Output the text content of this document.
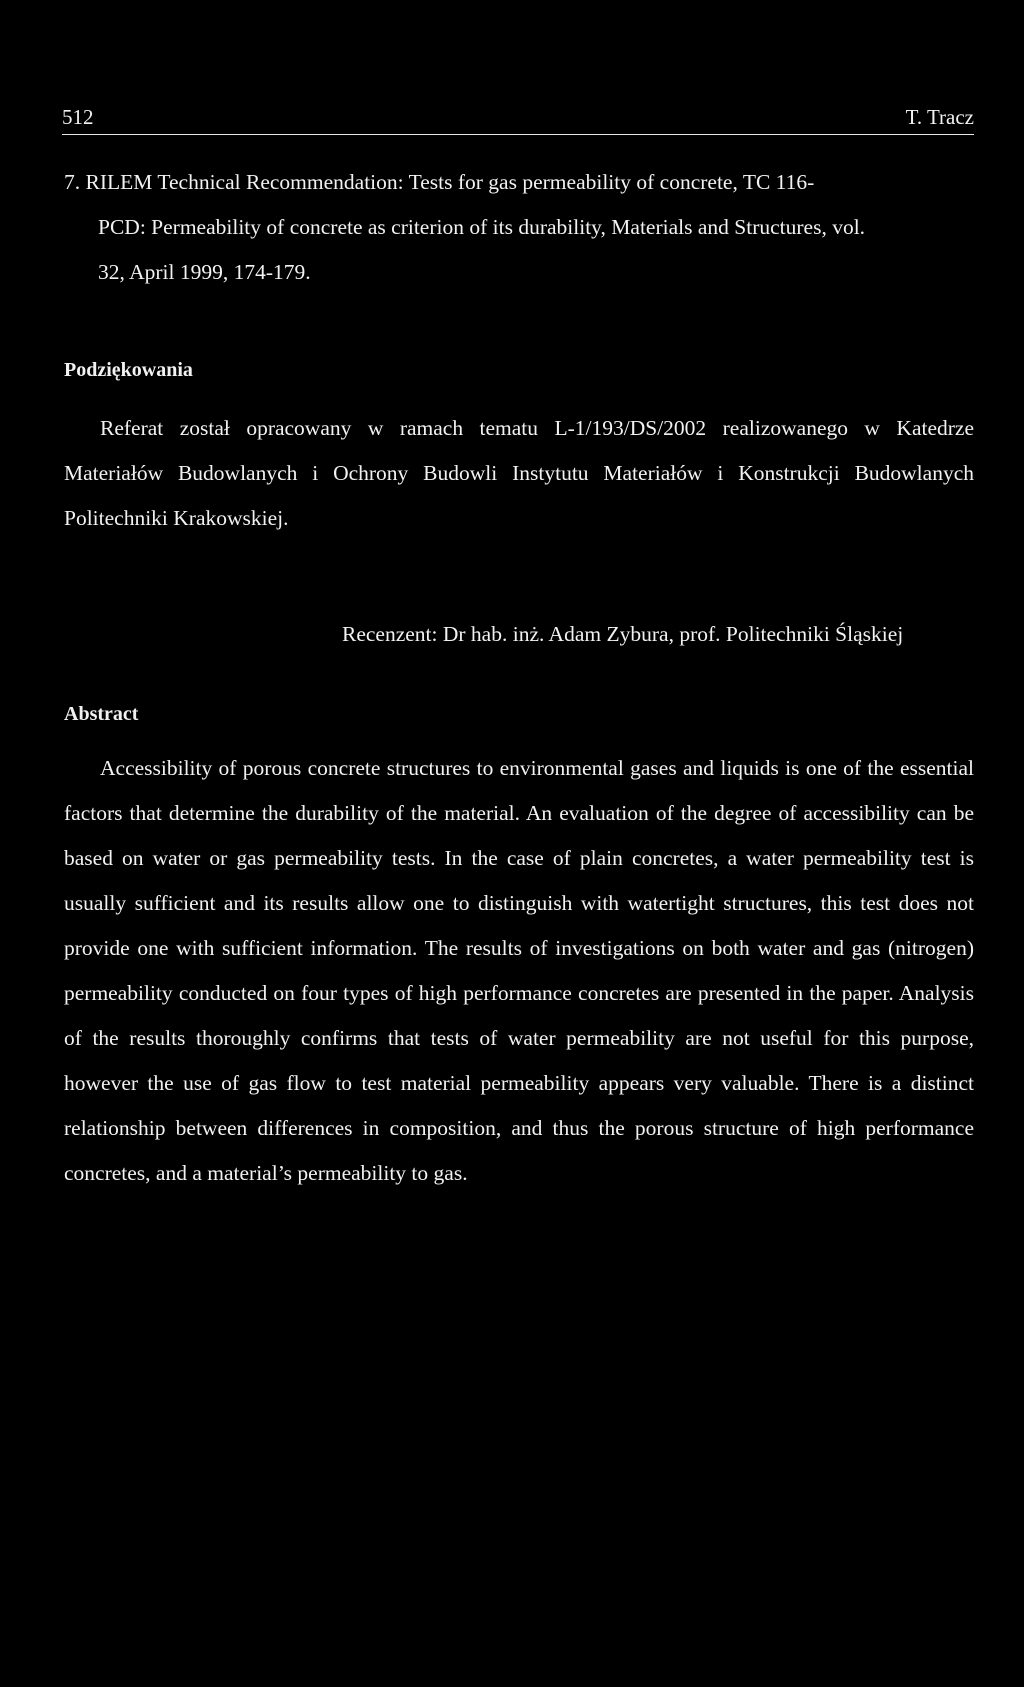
512	T. Tracz
7. RILEM Technical Recommendation: Tests for gas permeability of concrete, TC 116-
PCD: Permeability of concrete as criterion of its durability, Materials and Structures, vol.
32, April 1999, 174-179.
Podziękowania
Referat został opracowany w ramach tematu L-1/193/DS/2002 realizowanego w Katedrze Materiałów Budowlanych i Ochrony Budowli Instytutu Materiałów i Konstrukcji Budowlanych Politechniki Krakowskiej.
Recenzent: Dr hab. inż. Adam Zybura, prof. Politechniki Śląskiej
Abstract
Accessibility of porous concrete structures to environmental gases and liquids is one of the essential factors that determine the durability of the material. An evaluation of the degree of accessibility can be based on water or gas permeability tests. In the case of plain concretes, a water permeability test is usually sufficient and its results allow one to distinguish with watertight structures, this test does not provide one with sufficient information. The results of investigations on both water and gas (nitrogen) permeability conducted on four types of high performance concretes are presented in the paper. Analysis of the results thoroughly confirms that tests of water permeability are not useful for this purpose, however the use of gas flow to test material permeability appears very valuable. There is a distinct relationship between differences in composition, and thus the porous structure of high performance concretes, and a material’s permeability to gas.
